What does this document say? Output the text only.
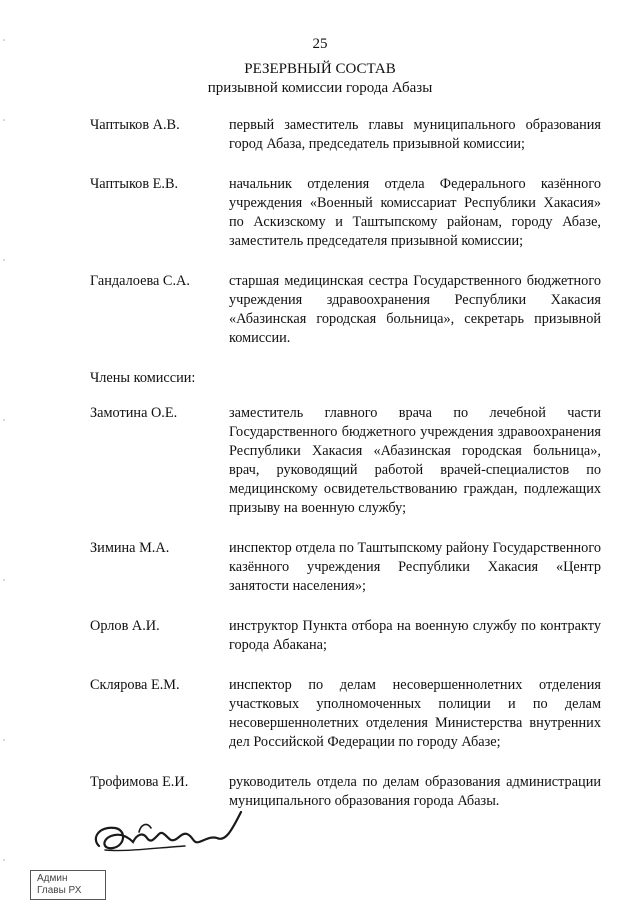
25
РЕЗЕРВНЫЙ СОСТАВ
призывной комиссии города Абазы
Чаптыков А.В.	первый заместитель главы муниципального образования город Абаза, председатель призывной комиссии;
Чаптыков Е.В.	начальник отделения отдела Федерального казённого учреждения «Военный комиссариат Республики Хакасия» по Аскизскому и Таштыпскому районам, городу Абазе, заместитель председателя призывной комиссии;
Гандалоева С.А.	старшая медицинская сестра Государственного бюджетного учреждения здравоохранения Республики Хакасия «Абазинская городская больница», секретарь призывной комиссии.
Члены комиссии:
Замотина О.Е.	заместитель главного врача по лечебной части Государственного бюджетного учреждения здравоохранения Республики Хакасия «Абазинская городская больница», врач, руководящий работой врачей-специалистов по медицинскому освидетельствованию граждан, подлежащих призыву на военную службу;
Зимина М.А.	инспектор отдела по Таштыпскому району Государственного казённого учреждения Республики Хакасия «Центр занятости населения»;
Орлов А.И.	инструктор Пункта отбора на военную службу по контракту города Абакана;
Склярова Е.М.	инспектор по делам несовершеннолетних отделения участковых уполномоченных полиции и по делам несовершеннолетних отделения Министерства внутренних дел Российской Федерации по городу Абазе;
Трофимова Е.И.	руководитель отдела по делам образования администрации муниципального образования города Абазы.
Админ
Главы РХ
